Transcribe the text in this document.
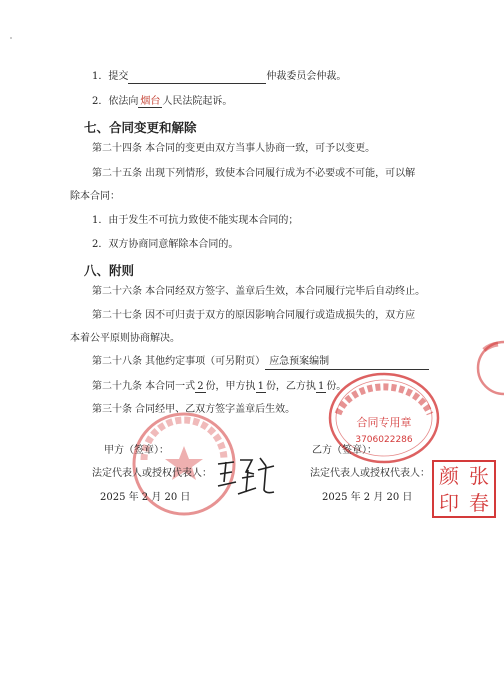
1．提交	仲裁委员会仲裁。
2．依法向 烟台 人民法院起诉。
七、合同变更和解除
第二十四条 本合同的变更由双方当事人协商一致，可予以变更。
第二十五条 出现下列情形，致使本合同履行成为不必要或不可能，可以解
除本合同：
1．由于发生不可抗力致使不能实现本合同的；
2．双方协商同意解除本合同的。
八、附则
第二十六条 本合同经双方签字、盖章后生效，本合同履行完毕后自动终止。
第二十七条 因不可归责于双方的原因影响合同履行或造成损失的，双方应
本着公平原则协商解决。
第二十八条 其他约定事项（可另附页） 应急预案编制
第二十九条 本合同一式 2 份，甲方执 1 份，乙方执 1 份。
第三十条 合同经甲、乙双方签字盖章后生效。
合同专用章
3706022286
甲方（签章）：
法定代表人或授权代表人：
2025 年 2 月 20 日
乙方（签章）：
法定代表人或授权代表人：
2025 年 2 月 20 日
颜 张
印 春
